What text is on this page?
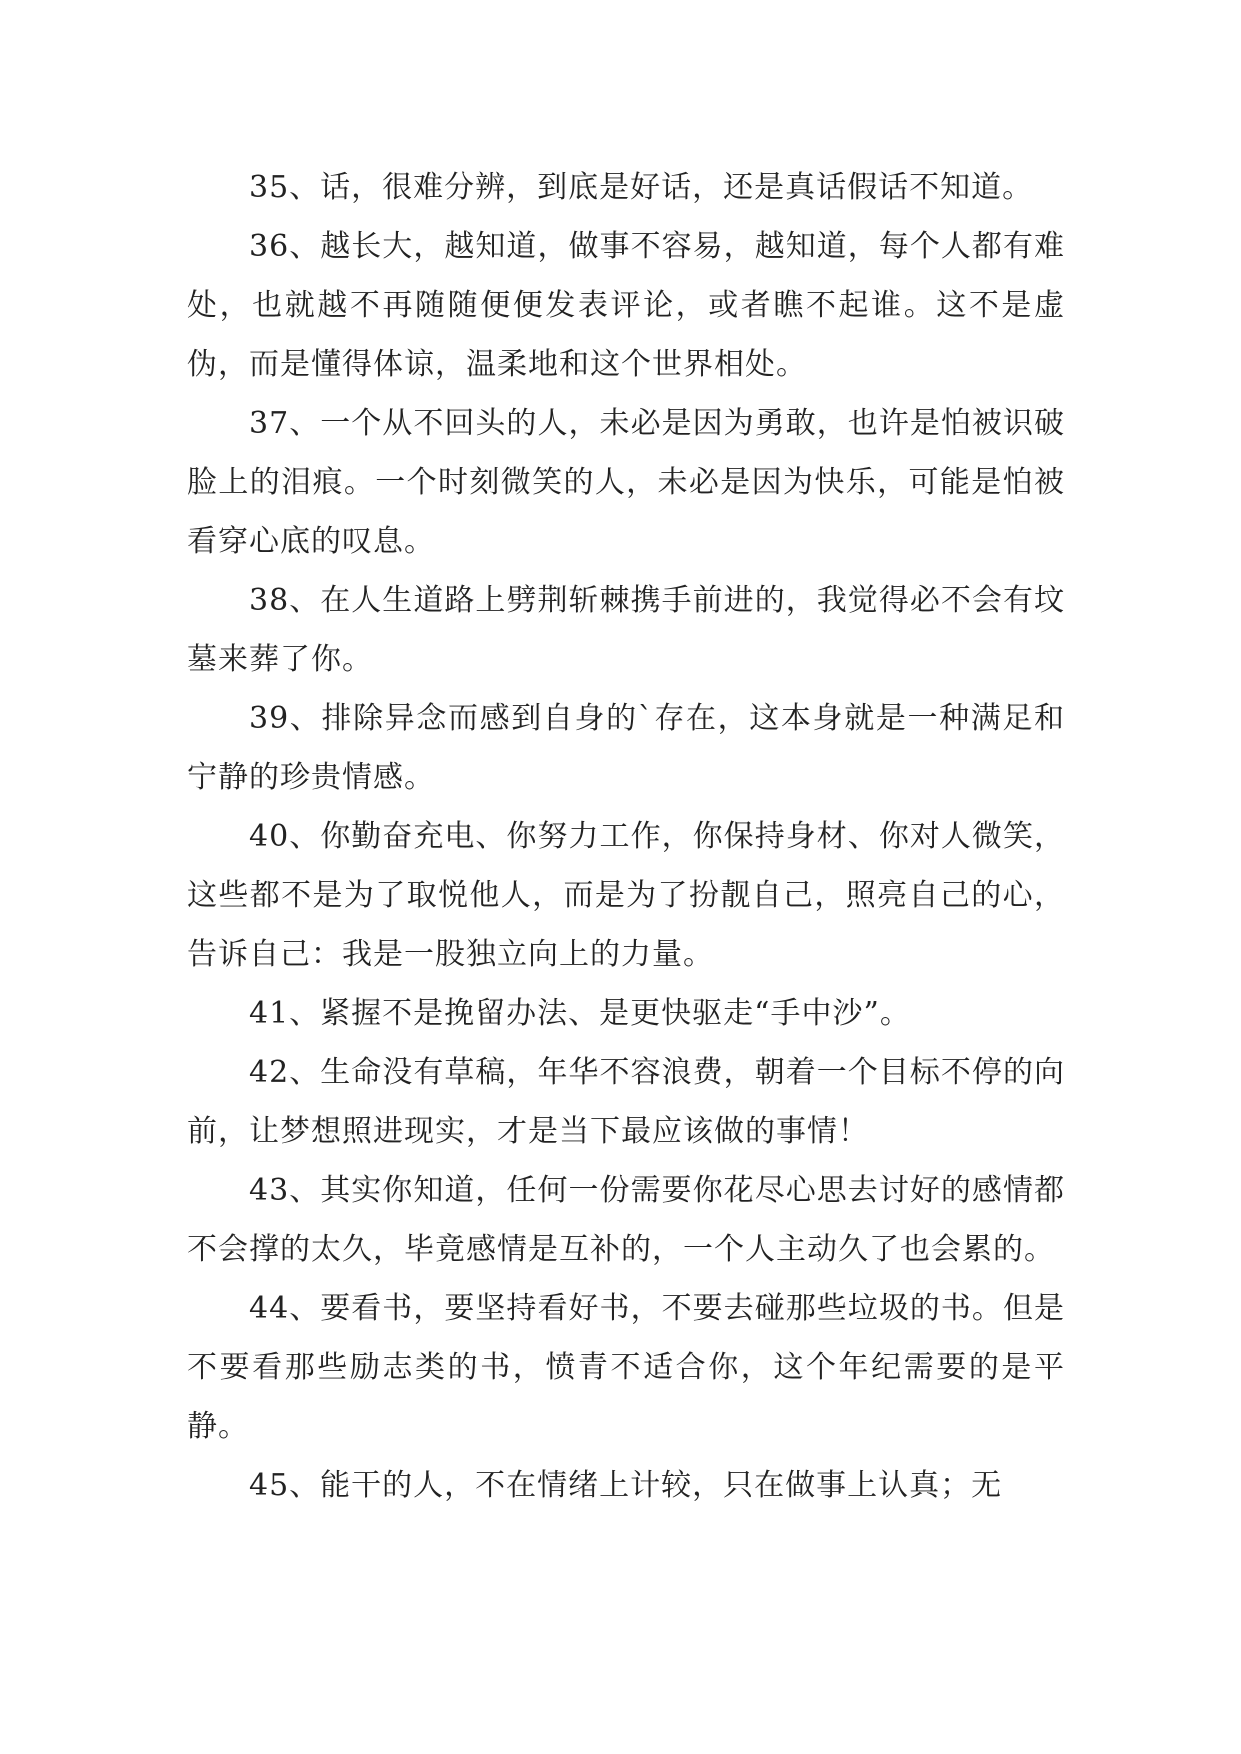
35、话，很难分辨，到底是好话，还是真话假话不知道。

36、越长大，越知道，做事不容易，越知道，每个人都有难处，也就越不再随随便便发表评论，或者瞧不起谁。这不是虚伪，而是懂得体谅，温柔地和这个世界相处。

37、一个从不回头的人，未必是因为勇敢，也许是怕被识破脸上的泪痕。一个时刻微笑的人，未必是因为快乐，可能是怕被看穿心底的叹息。

38、在人生道路上劈荆斩棘携手前进的，我觉得必不会有坟墓来葬了你。

39、排除异念而感到自身的`存在，这本身就是一种满足和宁静的珍贵情感。

40、你勤奋充电、你努力工作，你保持身材、你对人微笑，这些都不是为了取悦他人，而是为了扮靓自己，照亮自己的心，告诉自己：我是一股独立向上的力量。

41、紧握不是挽留办法、是更快驱走“手中沙”。

42、生命没有草稿，年华不容浪费，朝着一个目标不停的向前，让梦想照进现实，才是当下最应该做的事情！

43、其实你知道，任何一份需要你花尽心思去讨好的感情都不会撑的太久，毕竟感情是互补的，一个人主动久了也会累的。

44、要看书，要坚持看好书，不要去碰那些垃圾的书。但是不要看那些励志类的书，愤青不适合你，这个年纪需要的是平静。

45、能干的人，不在情绪上计较，只在做事上认真；无
